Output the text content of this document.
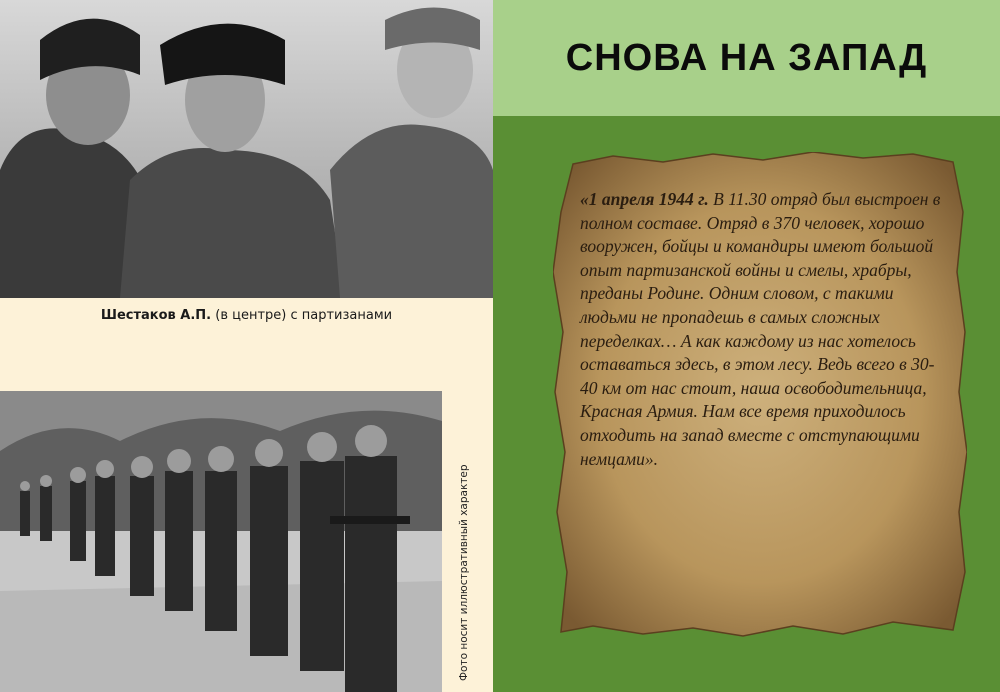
Шестаков А.П. (в центре) с партизанами
Фото носит иллюстративный характер
СНОВА НА ЗАПАД
«1 апреля 1944 г. В 11.30 отряд был выстроен в полном составе. Отряд в 370 человек, хорошо вооружен, бойцы и командиры имеют большой опыт партизанской войны и смелы, храбры, преданы Родине. Одним словом, с такими людьми не пропадешь в самых сложных переделках… А как каждому из нас хотелось оставаться здесь, в этом лесу. Ведь всего в 30-40 км от нас стоит, наша освободительница, Красная Армия. Нам все время приходилось отходить на запад вместе с отступающими немцами».
